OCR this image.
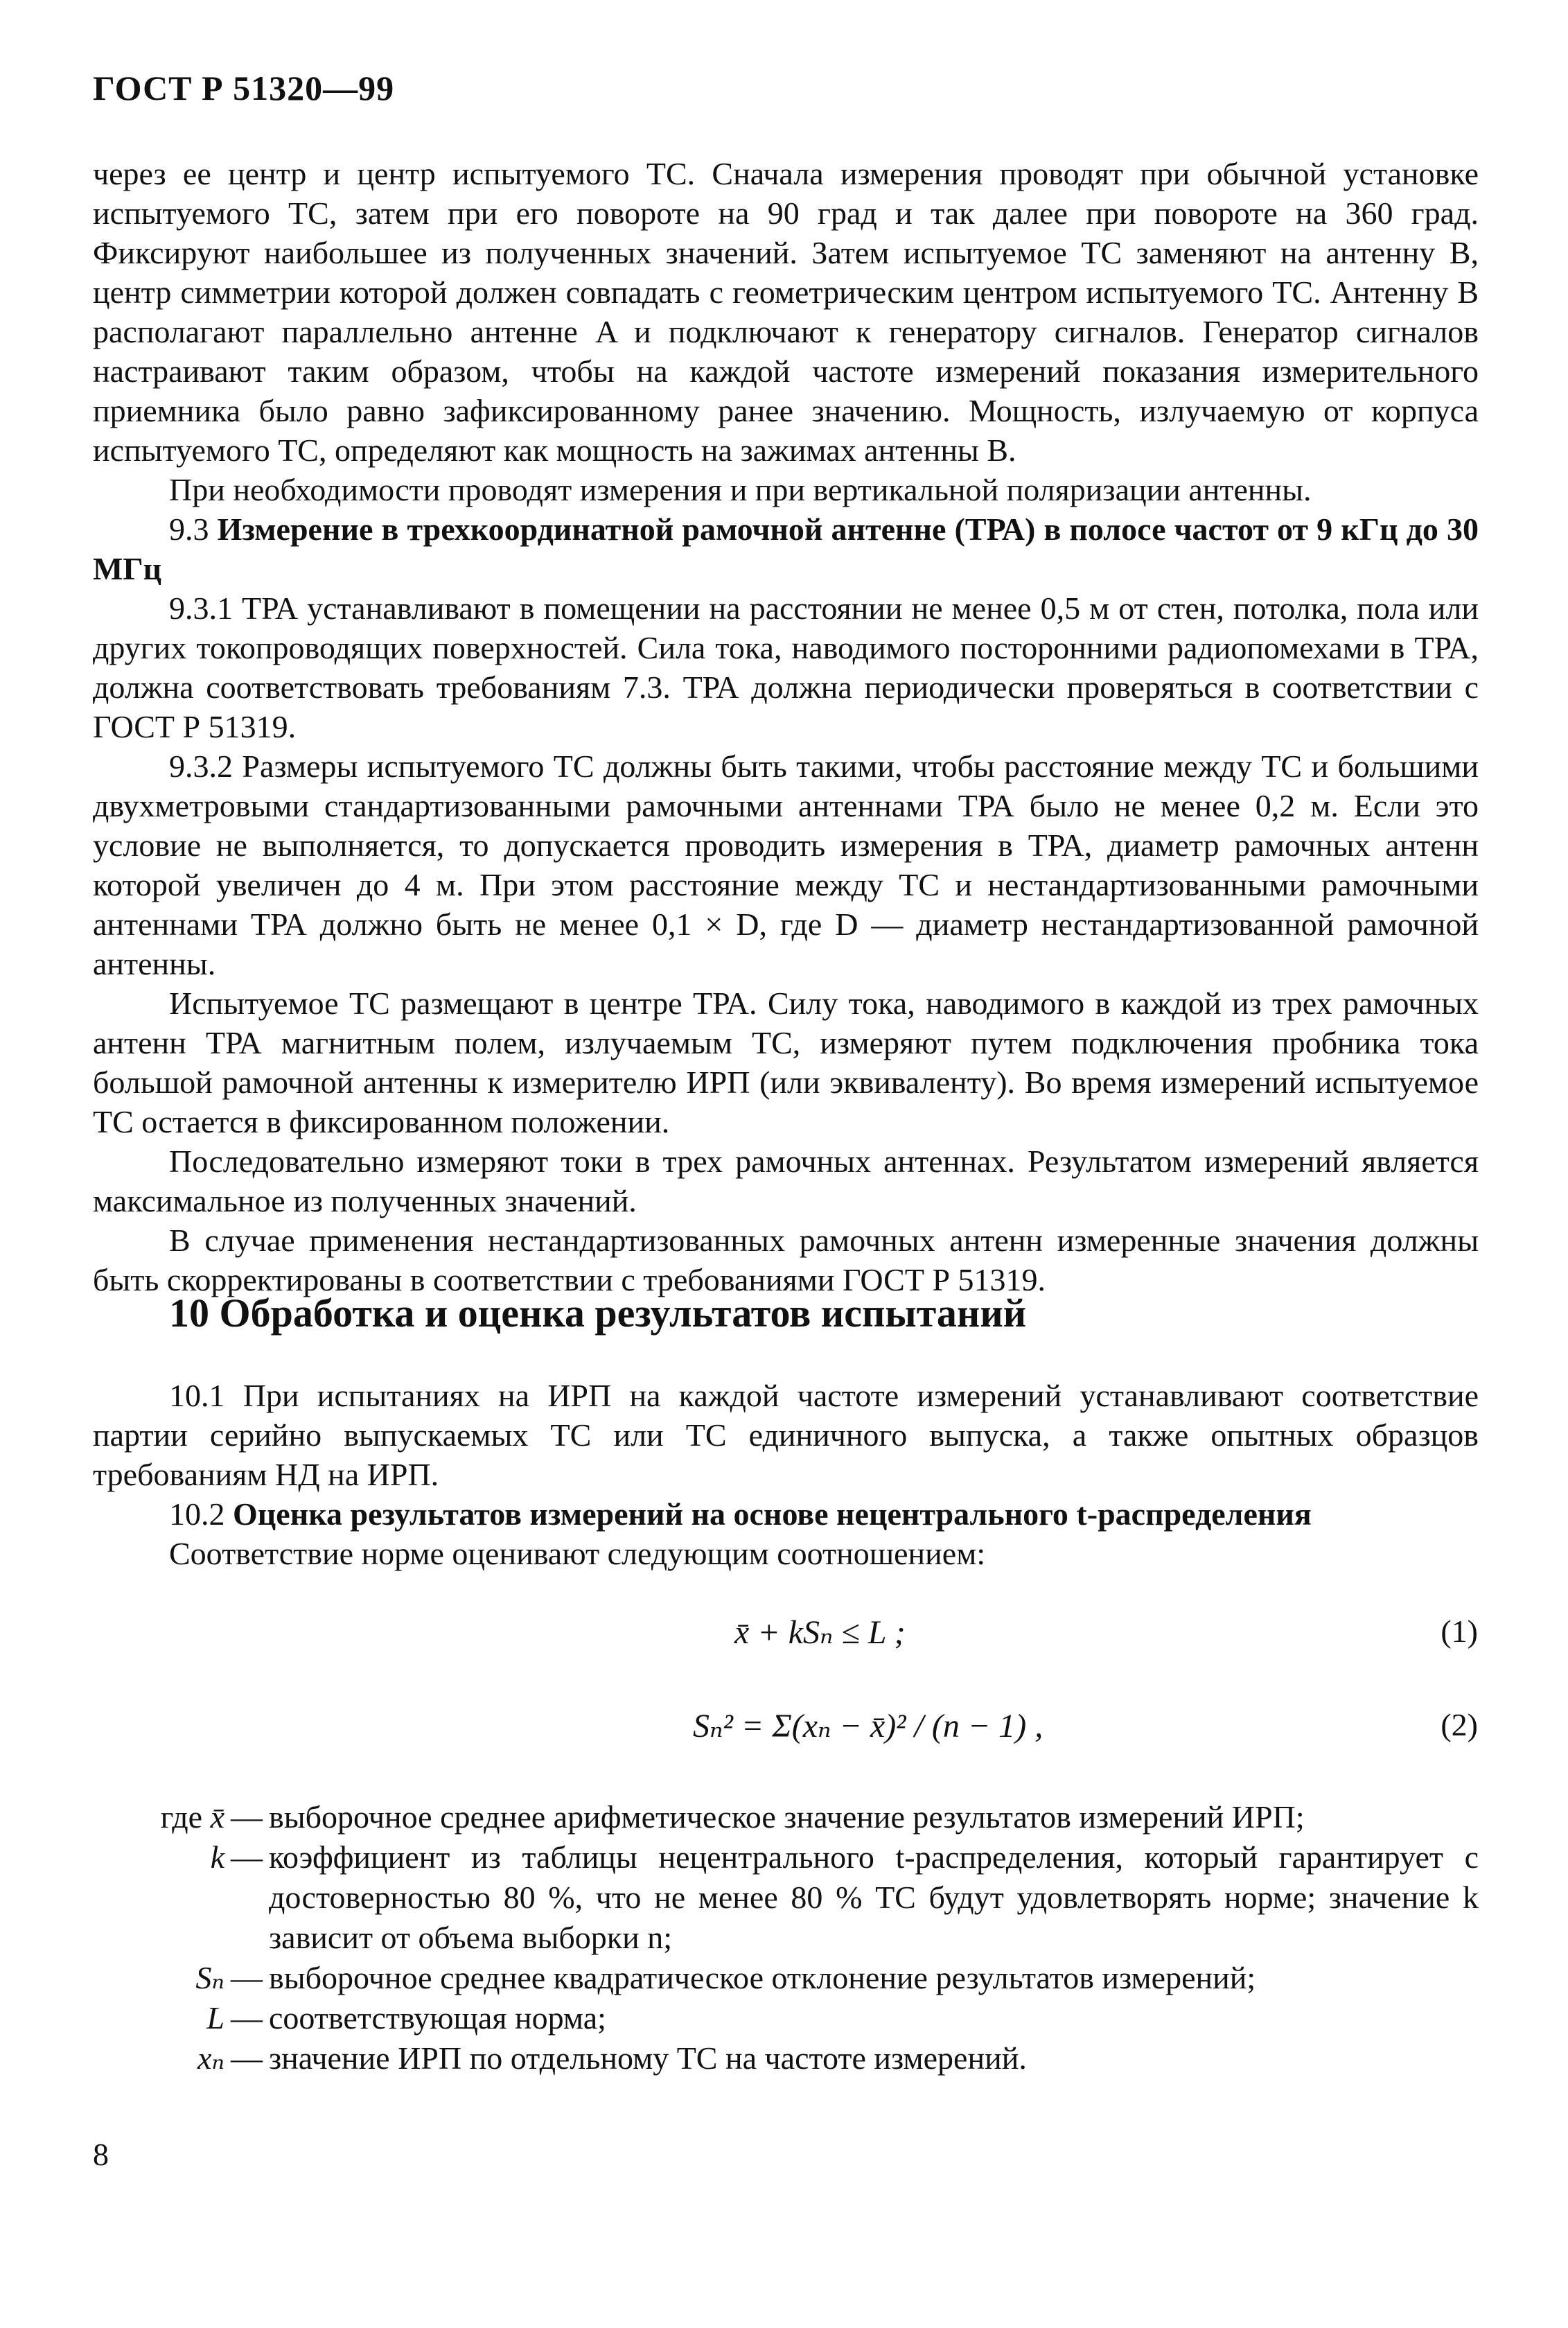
ГОСТ Р 51320—99

через ее центр и центр испытуемого ТС. Сначала измерения проводят при обычной установке испытуемого ТС, затем при его повороте на 90 град и так далее при повороте на 360 град. Фиксируют наибольшее из полученных значений. Затем испытуемое ТС заменяют на антенну B, центр симметрии которой должен совпадать с геометрическим центром испытуемого ТС. Антенну B располагают параллельно антенне A и подключают к генератору сигналов. Генератор сигналов настраивают таким образом, чтобы на каждой частоте измерений показания измерительного приемника было равно зафиксированному ранее значению. Мощность, излучаемую от корпуса испытуемого ТС, определяют как мощность на зажимах антенны B.

При необходимости проводят измерения и при вертикальной поляризации антенны.

9.3 Измерение в трехкоординатной рамочной антенне (ТРА) в полосе частот от 9 кГц до 30 МГц

9.3.1 ТРА устанавливают в помещении на расстоянии не менее 0,5 м от стен, потолка, пола или других токопроводящих поверхностей. Сила тока, наводимого посторонними радиопомехами в ТРА, должна соответствовать требованиям 7.3. ТРА должна периодически проверяться в соответствии с ГОСТ Р 51319.

9.3.2 Размеры испытуемого ТС должны быть такими, чтобы расстояние между ТС и большими двухметровыми стандартизованными рамочными антеннами ТРА было не менее 0,2 м. Если это условие не выполняется, то допускается проводить измерения в ТРА, диаметр рамочных антенн которой увеличен до 4 м. При этом расстояние между ТС и нестандартизованными рамочными антеннами ТРА должно быть не менее 0,1 × D, где D — диаметр нестандартизованной рамочной антенны.

Испытуемое ТС размещают в центре ТРА. Силу тока, наводимого в каждой из трех рамочных антенн ТРА магнитным полем, излучаемым ТС, измеряют путем подключения пробника тока большой рамочной антенны к измерителю ИРП (или эквиваленту). Во время измерений испытуемое ТС остается в фиксированном положении.

Последовательно измеряют токи в трех рамочных антеннах. Результатом измерений является максимальное из полученных значений.

В случае применения нестандартизованных рамочных антенн измеренные значения должны быть скорректированы в соответствии с требованиями ГОСТ Р 51319.

10 Обработка и оценка результатов испытаний

10.1 При испытаниях на ИРП на каждой частоте измерений устанавливают соответствие партии серийно выпускаемых ТС или ТС единичного выпуска, а также опытных образцов требованиям НД на ИРП.

10.2 Оценка результатов измерений на основе нецентрального t-распределения

Соответствие норме оценивают следующим соотношением:

x̄ + kSₙ ≤ L ;	(1)
Sₙ² = Σ(xₙ − x̄)² / (n − 1) ,	(2)
где x̄ — выборочное среднее арифметическое значение результатов измерений ИРП;
k — коэффициент из таблицы нецентрального t-распределения, который гарантирует с достоверностью 80 %, что не менее 80 % ТС будут удовлетворять норме; значение k зависит от объема выборки n;
Sₙ — выборочное среднее квадратическое отклонение результатов измерений;
L — соответствующая норма;
xₙ — значение ИРП по отдельному ТС на частоте измерений.
8
